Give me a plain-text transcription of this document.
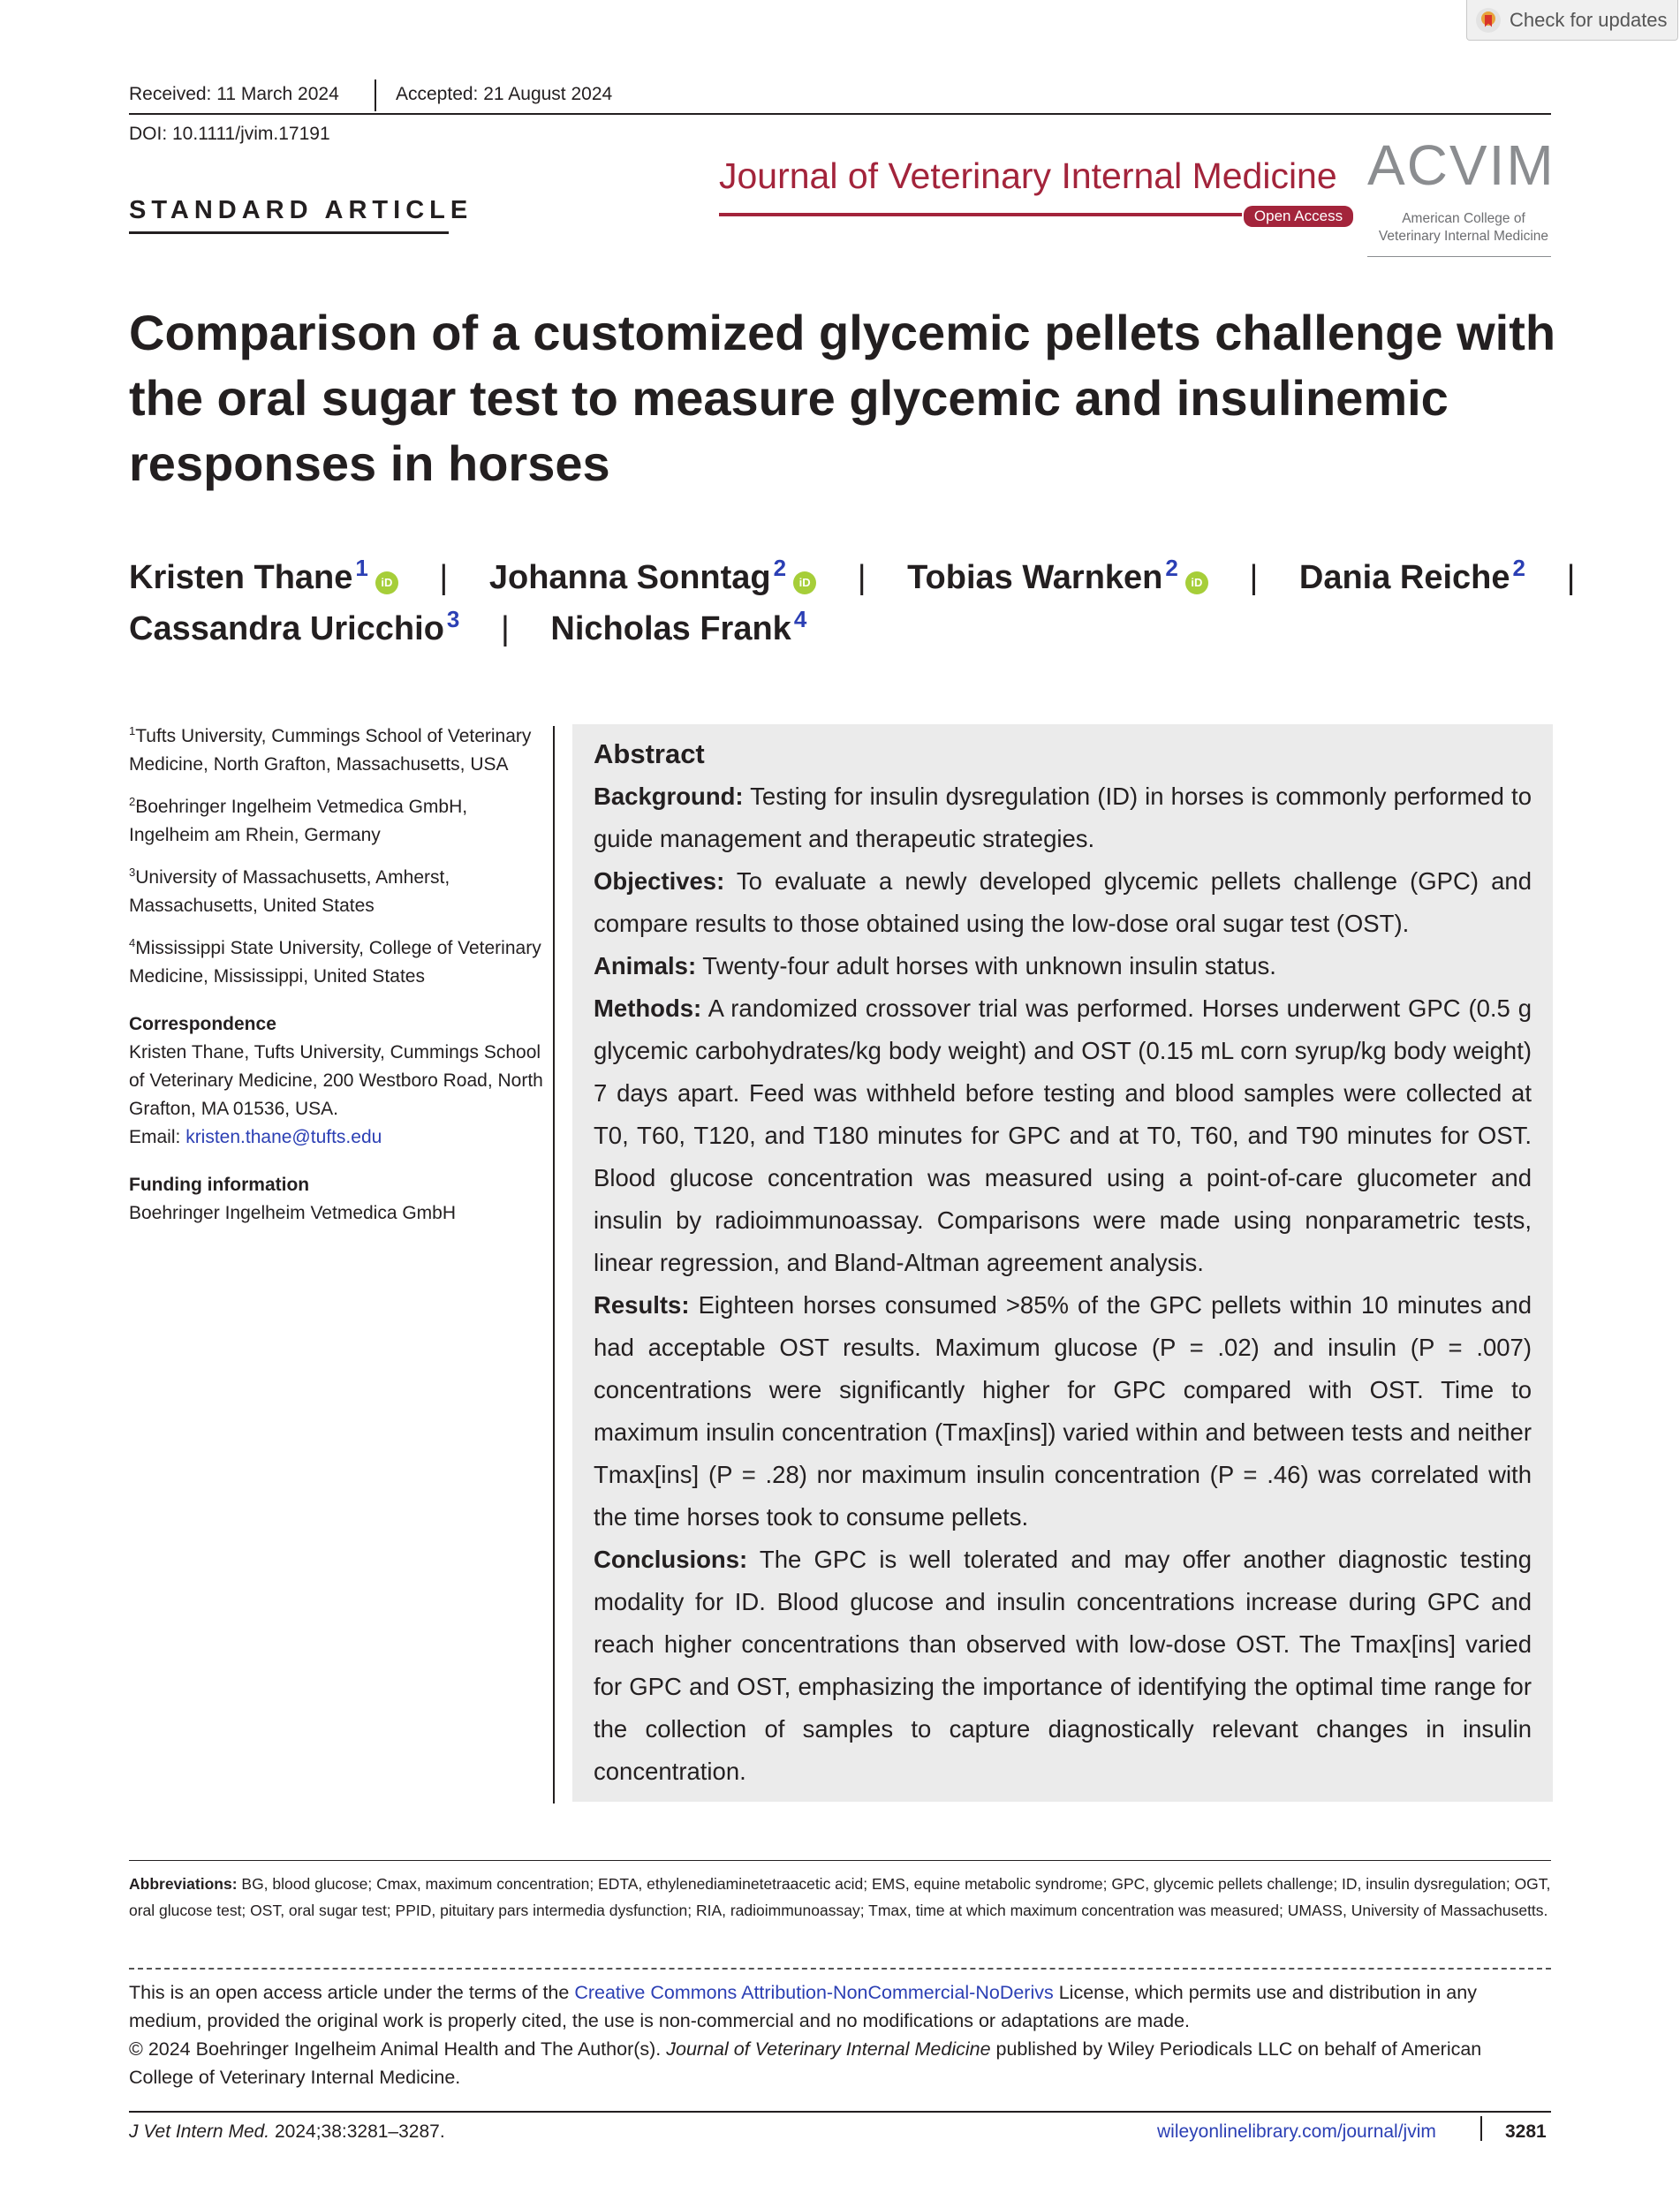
Check for updates
Received: 11 March 2024	Accepted: 21 August 2024
DOI: 10.1111/jvim.17191
STANDARD ARTICLE
Journal of Veterinary Internal Medicine
Open Access
ACVIM
American College of Veterinary Internal Medicine
Comparison of a customized glycemic pellets challenge with the oral sugar test to measure glycemic and insulinemic responses in horses
Kristen Thane $^1$iD | Johanna Sonntag $^2$iD | Tobias Warnken $^2$iD | Dania Reiche $^2$ |
Cassandra Uricchio $^3$ | Nicholas Frank $^4$
$^1$Tufts University, Cummings School of Veterinary Medicine, North Grafton, Massachusetts, USA
$^2$Boehringer Ingelheim Vetmedica GmbH, Ingelheim am Rhein, Germany
$^3$University of Massachusetts, Amherst, Massachusetts, United States
$^4$Mississippi State University, College of Veterinary Medicine, Mississippi, United States
Correspondence
Kristen Thane, Tufts University, Cummings School of Veterinary Medicine, 200 Westboro Road, North Grafton, MA 01536, USA.
Email: kristen.thane@tufts.edu
Funding information
Boehringer Ingelheim Vetmedica GmbH
Abstract

Background: Testing for insulin dysregulation (ID) in horses is commonly performed to guide management and therapeutic strategies.

Objectives: To evaluate a newly developed glycemic pellets challenge (GPC) and compare results to those obtained using the low-dose oral sugar test (OST).

Animals: Twenty-four adult horses with unknown insulin status.

Methods: A randomized crossover trial was performed. Horses underwent GPC (0.5 g glycemic carbohydrates/kg body weight) and OST (0.15 mL corn syrup/kg body weight) 7 days apart. Feed was withheld before testing and blood samples were collected at T0, T60, T120, and T180 minutes for GPC and at T0, T60, and T90 minutes for OST. Blood glucose concentration was measured using a point-of-care glucometer and insulin by radioimmunoassay. Comparisons were made using nonparametric tests, linear regression, and Bland-Altman agreement analysis.

Results: Eighteen horses consumed >85% of the GPC pellets within 10 minutes and had acceptable OST results. Maximum glucose (P = .02) and insulin (P = .007) concentrations were significantly higher for GPC compared with OST. Time to maximum insulin concentration (Tmax[ins]) varied within and between tests and neither Tmax[ins] (P = .28) nor maximum insulin concentration (P = .46) was correlated with the time horses took to consume pellets.

Conclusions: The GPC is well tolerated and may offer another diagnostic testing modality for ID. Blood glucose and insulin concentrations increase during GPC and reach higher concentrations than observed with low-dose OST. The Tmax[ins] varied for GPC and OST, emphasizing the importance of identifying the optimal time range for the collection of samples to capture diagnostically relevant changes in insulin concentration.

Abbreviations: BG, blood glucose; Cmax, maximum concentration; EDTA, ethylenediaminetetraacetic acid; EMS, equine metabolic syndrome; GPC, glycemic pellets challenge; ID, insulin dysregulation; OGT, oral glucose test; OST, oral sugar test; PPID, pituitary pars intermedia dysfunction; RIA, radioimmunoassay; Tmax, time at which maximum concentration was measured; UMASS, University of Massachusetts.
This is an open access article under the terms of the Creative Commons Attribution-NonCommercial-NoDerivs License, which permits use and distribution in any medium, provided the original work is properly cited, the use is non-commercial and no modifications or adaptations are made.
© 2024 Boehringer Ingelheim Animal Health and The Author(s). Journal of Veterinary Internal Medicine published by Wiley Periodicals LLC on behalf of American College of Veterinary Internal Medicine.
J Vet Intern Med. 2024;38:3281–3287.	wileyonlinelibrary.com/journal/jvim	3281
